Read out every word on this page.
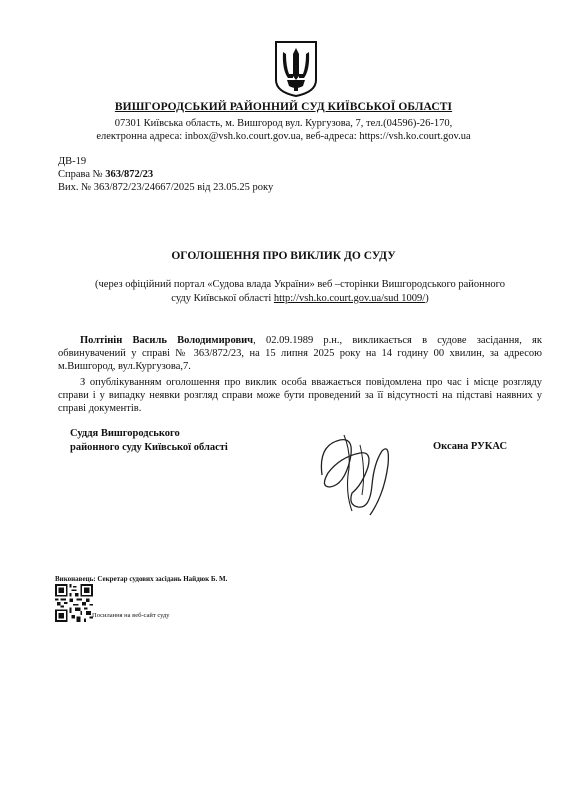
ВИШГОРОДСЬКИЙ РАЙОННИЙ СУД КИЇВСЬКОЇ ОБЛАСТІ
07301 Київська область, м. Вишгород вул. Кургузова, 7, тел.(04596)-26-170,
електронна адреса: inbox@vsh.ko.court.gov.ua, веб-адреса: https://vsh.ko.court.gov.ua
ДВ-19
Справа № 363/872/23
Вих. № 363/872/23/24667/2025 від 23.05.25 року
ОГОЛОШЕННЯ ПРО ВИКЛИК ДО СУДУ
(через офіційний портал «Судова влада України» веб –сторінки Вишгородського районного
суду Київської області http://vsh.ko.court.gov.ua/sud 1009/)
Полтінін Василь Володимирович, 02.09.1989 р.н., викликається в судове засідання, як обвинувачений у справі № 363/872/23, на 15 липня 2025 року на 14 годину 00 хвилин, за адресою м.Вишгород, вул.Кургузова,7.
З опублікуванням оголошення про виклик особа вважається повідомлена про час і місце розгляду справи і у випадку неявки розгляд справи може бути проведений за її відсутності на підставі наявних у справі документів.
Суддя Вишгородського
районного суду Київської області	Оксана РУКАС
Виконавець: Секретар судових засідань Найдюк Б. М.
Посилання на веб-сайт суду
